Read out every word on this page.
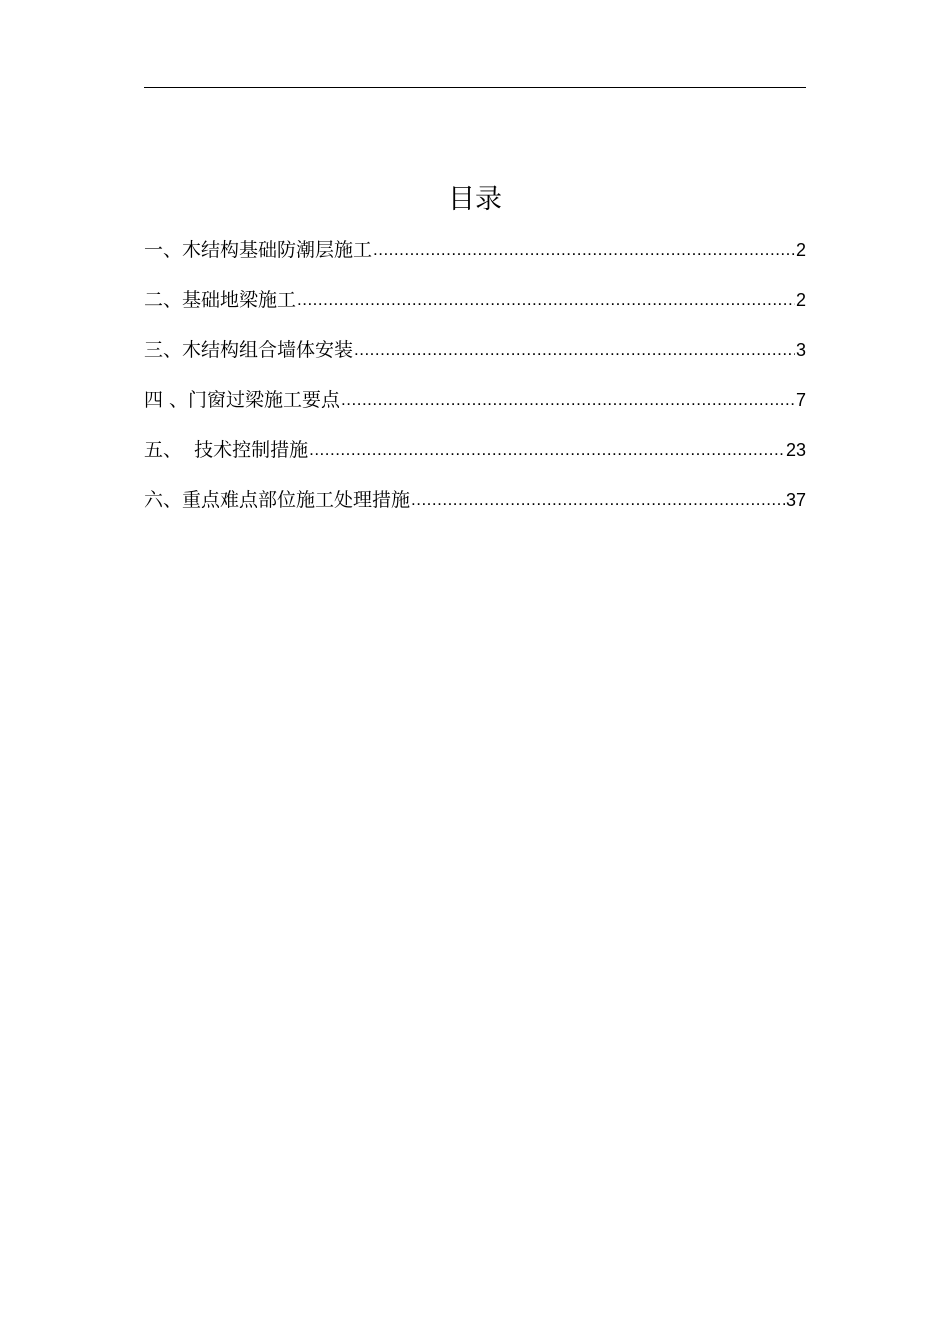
目录
一、木结构基础防潮层施工 .....	2
二、基础地梁施工 .....	2
三、木结构组合墙体安装 .....	3
四 、门窗过梁施工要点 .....	7
五、  技术控制措施 .....	23
六、重点难点部位施工处理措施 .....	37
